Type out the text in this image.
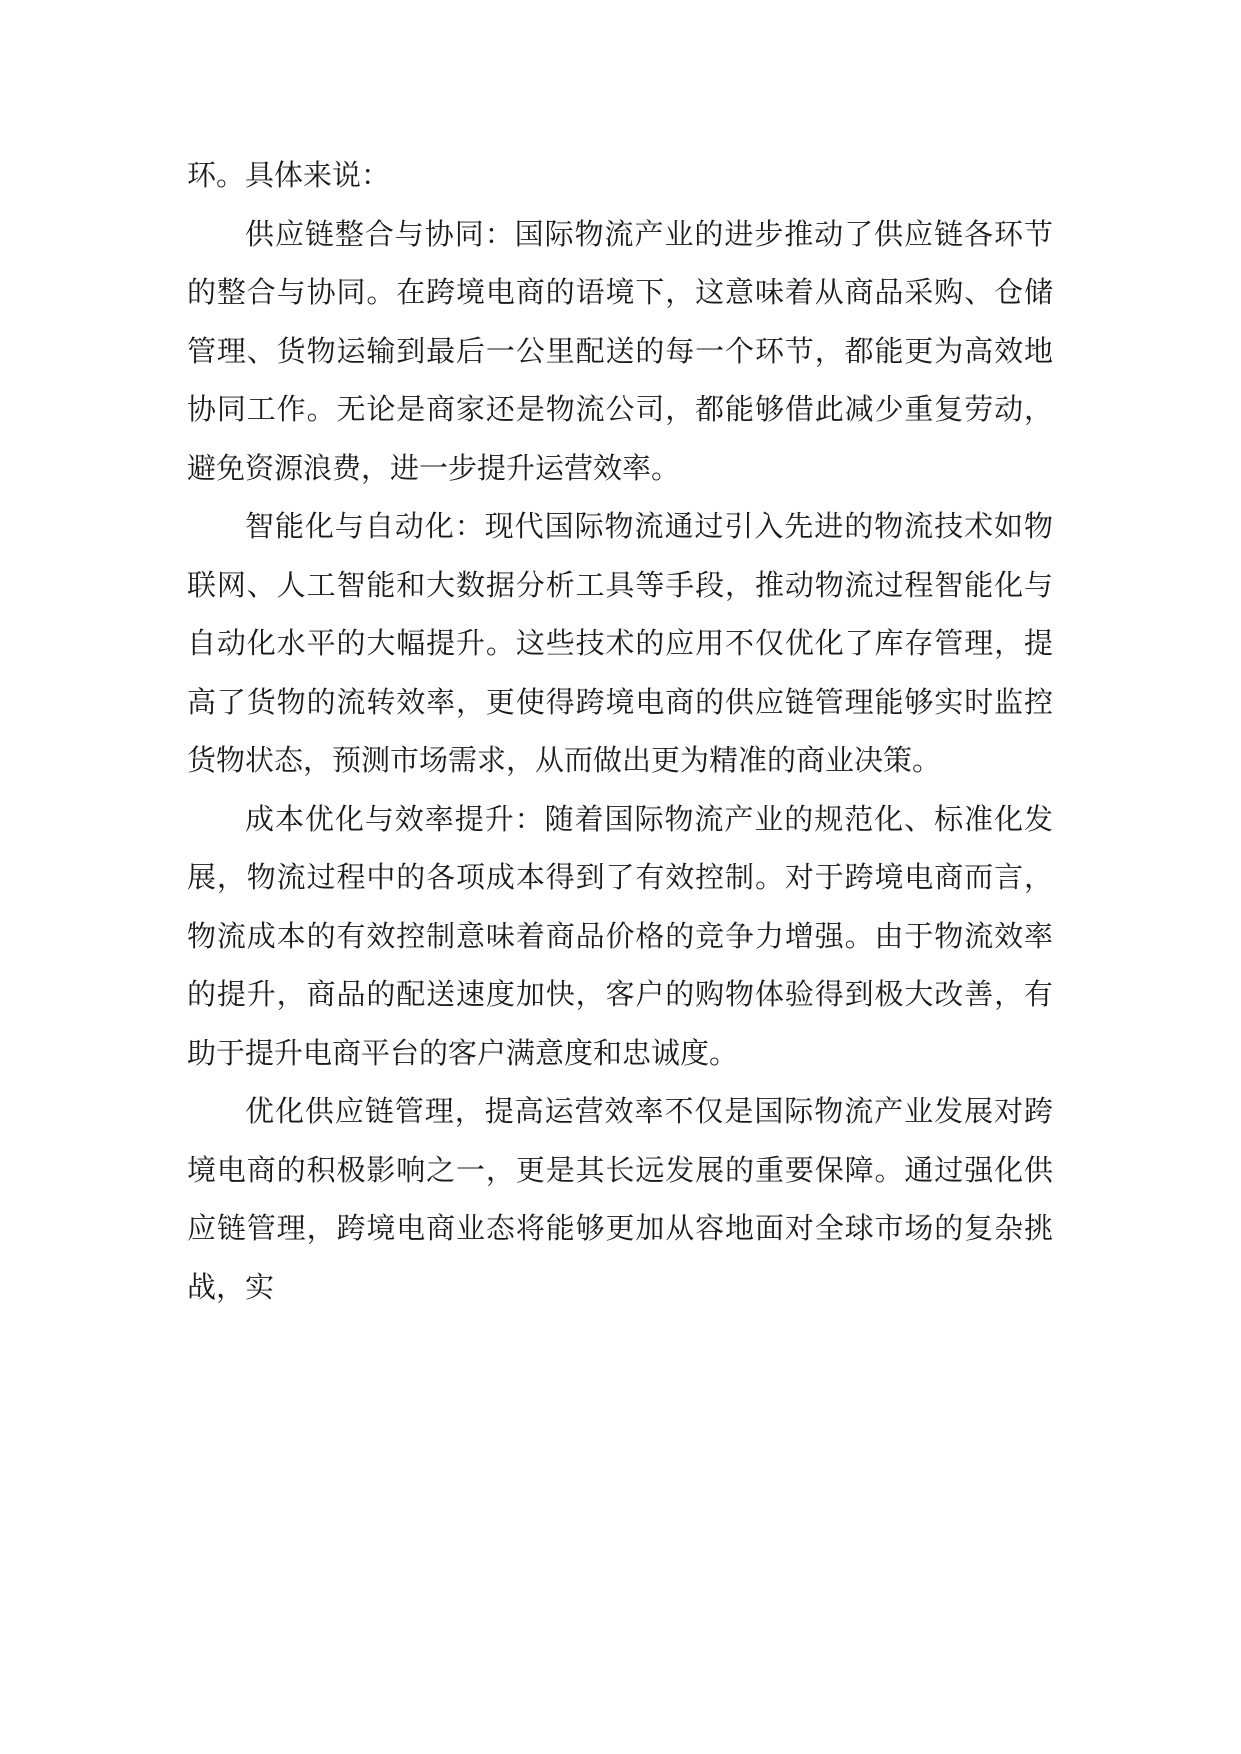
环。具体来说：

供应链整合与协同：国际物流产业的进步推动了供应链各环节的整合与协同。在跨境电商的语境下，这意味着从商品采购、仓储管理、货物运输到最后一公里配送的每一个环节，都能更为高效地协同工作。无论是商家还是物流公司，都能够借此减少重复劳动，避免资源浪费，进一步提升运营效率。

智能化与自动化：现代国际物流通过引入先进的物流技术如物联网、人工智能和大数据分析工具等手段，推动物流过程智能化与自动化水平的大幅提升。这些技术的应用不仅优化了库存管理，提高了货物的流转效率，更使得跨境电商的供应链管理能够实时监控货物状态，预测市场需求，从而做出更为精准的商业决策。

成本优化与效率提升：随着国际物流产业的规范化、标准化发展，物流过程中的各项成本得到了有效控制。对于跨境电商而言，物流成本的有效控制意味着商品价格的竞争力增强。由于物流效率的提升，商品的配送速度加快，客户的购物体验得到极大改善，有助于提升电商平台的客户满意度和忠诚度。

优化供应链管理，提高运营效率不仅是国际物流产业发展对跨境电商的积极影响之一，更是其长远发展的重要保障。通过强化供应链管理，跨境电商业态将能够更加从容地面对全球市场的复杂挑战，实
